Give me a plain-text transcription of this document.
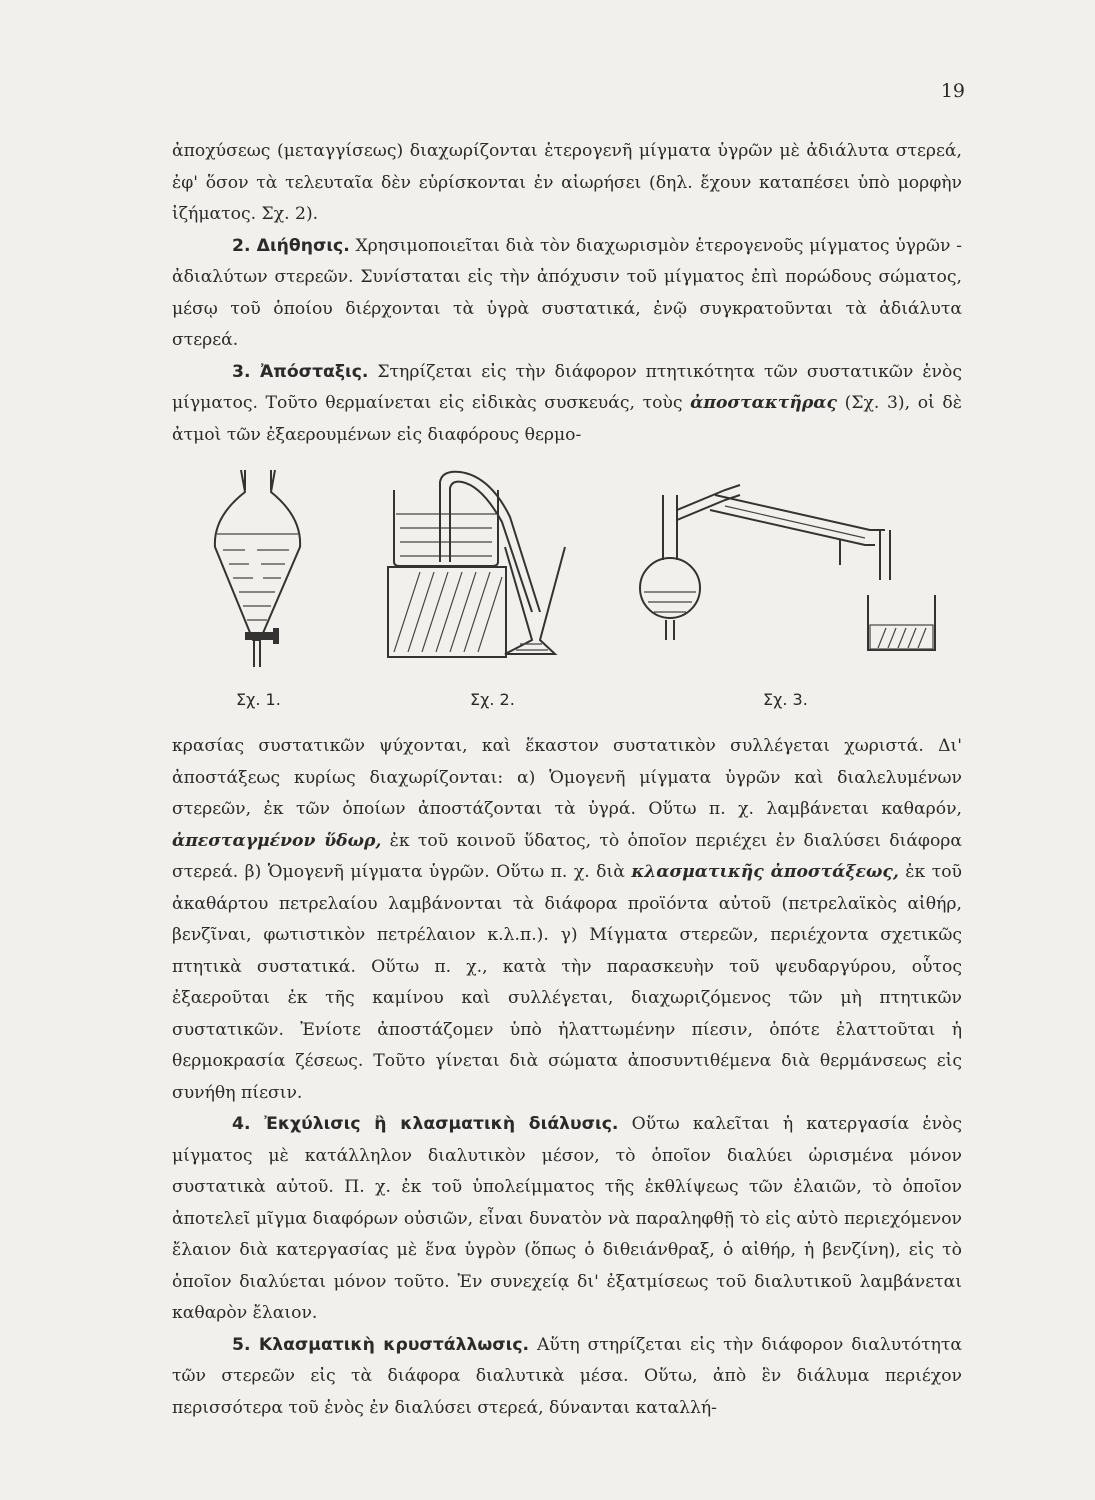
19

ἀποχύσεως (μεταγγίσεως) διαχωρίζονται ἑτερογενῆ μίγματα ὑγρῶν μὲ ἀδιάλυτα στερεά, ἐφ' ὅσον τὰ τελευταῖα δὲν εὑρίσκονται ἐν αἰωρήσει (δηλ. ἔχουν καταπέσει ὑπὸ μορφὴν ἰζήματος. Σχ. 2).

2. Διήθησις. Χρησιμοποιεῖται διὰ τὸν διαχωρισμὸν ἑτερογενοῦς μίγματος ὑγρῶν - ἀδιαλύτων στερεῶν. Συνίσταται εἰς τὴν ἀπόχυσιν τοῦ μίγματος ἐπὶ πορώδους σώματος, μέσῳ τοῦ ὁποίου διέρχονται τὰ ὑγρὰ συστατικά, ἐνῷ συγκρατοῦνται τὰ ἀδιάλυτα στερεά.

3. Ἀπόσταξις. Στηρίζεται εἰς τὴν διάφορον πτητικότητα τῶν συστατικῶν ἑνὸς μίγματος. Τοῦτο θερμαίνεται εἰς εἰδικὰς συσκευάς, τοὺς ἀποστακτῆρας (Σχ. 3), οἱ δὲ ἀτμοὶ τῶν ἐξαερουμένων εἰς διαφόρους θερμο-

Σχ. 1.	Σχ. 2.	Σχ. 3.

κρασίας συστατικῶν ψύχονται, καὶ ἕκαστον συστατικὸν συλλέγεται χωριστά. Δι' ἀποστάξεως κυρίως διαχωρίζονται: α) Ὁμογενῆ μίγματα ὑγρῶν καὶ διαλελυμένων στερεῶν, ἐκ τῶν ὁποίων ἀποστάζονται τὰ ὑγρά. Οὕτω π. χ. λαμβάνεται καθαρόν, ἀπεσταγμένον ὕδωρ, ἐκ τοῦ κοινοῦ ὕδατος, τὸ ὁποῖον περιέχει ἐν διαλύσει διάφορα στερεά. β) Ὁμογενῆ μίγματα ὑγρῶν. Οὕτω π. χ. διὰ κλασματικῆς ἀποστάξεως, ἐκ τοῦ ἀκαθάρτου πετρελαίου λαμβάνονται τὰ διάφορα προϊόντα αὐτοῦ (πετρελαϊκὸς αἰθήρ, βενζῖναι, φωτιστικὸν πετρέλαιον κ.λ.π.). γ) Μίγματα στερεῶν, περιέχοντα σχετικῶς πτητικὰ συστατικά. Οὕτω π. χ., κατὰ τὴν παρασκευὴν τοῦ ψευδαργύρου, οὗτος ἐξαεροῦται ἐκ τῆς καμίνου καὶ συλλέγεται, διαχωριζόμενος τῶν μὴ πτητικῶν συστατικῶν. Ἐνίοτε ἀποστάζομεν ὑπὸ ἠλαττωμένην πίεσιν, ὁπότε ἐλαττοῦται ἡ θερμοκρασία ζέσεως. Τοῦτο γίνεται διὰ σώματα ἀποσυντιθέμενα διὰ θερμάνσεως εἰς συνήθη πίεσιν.

4. Ἐκχύλισις ἢ κλασματικὴ διάλυσις. Οὕτω καλεῖται ἡ κατεργασία ἑνὸς μίγματος μὲ κατάλληλον διαλυτικὸν μέσον, τὸ ὁποῖον διαλύει ὡρισμένα μόνον συστατικὰ αὐτοῦ. Π. χ. ἐκ τοῦ ὑπολείμματος τῆς ἐκθλίψεως τῶν ἐλαιῶν, τὸ ὁποῖον ἀποτελεῖ μῖγμα διαφόρων οὐσιῶν, εἶναι δυνατὸν νὰ παραληφθῇ τὸ εἰς αὐτὸ περιεχόμενον ἔλαιον διὰ κατεργασίας μὲ ἕνα ὑγρὸν (ὅπως ὁ διθειάνθραξ, ὁ αἰθήρ, ἡ βενζίνη), εἰς τὸ ὁποῖον διαλύεται μόνον τοῦτο. Ἐν συνεχείᾳ δι' ἐξατμίσεως τοῦ διαλυτικοῦ λαμβάνεται καθαρὸν ἔλαιον.

5. Κλασματικὴ κρυστάλλωσις. Αὕτη στηρίζεται εἰς τὴν διάφορον διαλυτότητα τῶν στερεῶν εἰς τὰ διάφορα διαλυτικὰ μέσα. Οὕτω, ἀπὸ ἓν διάλυμα περιέχον περισσότερα τοῦ ἑνὸς ἐν διαλύσει στερεά, δύνανται καταλλή-
